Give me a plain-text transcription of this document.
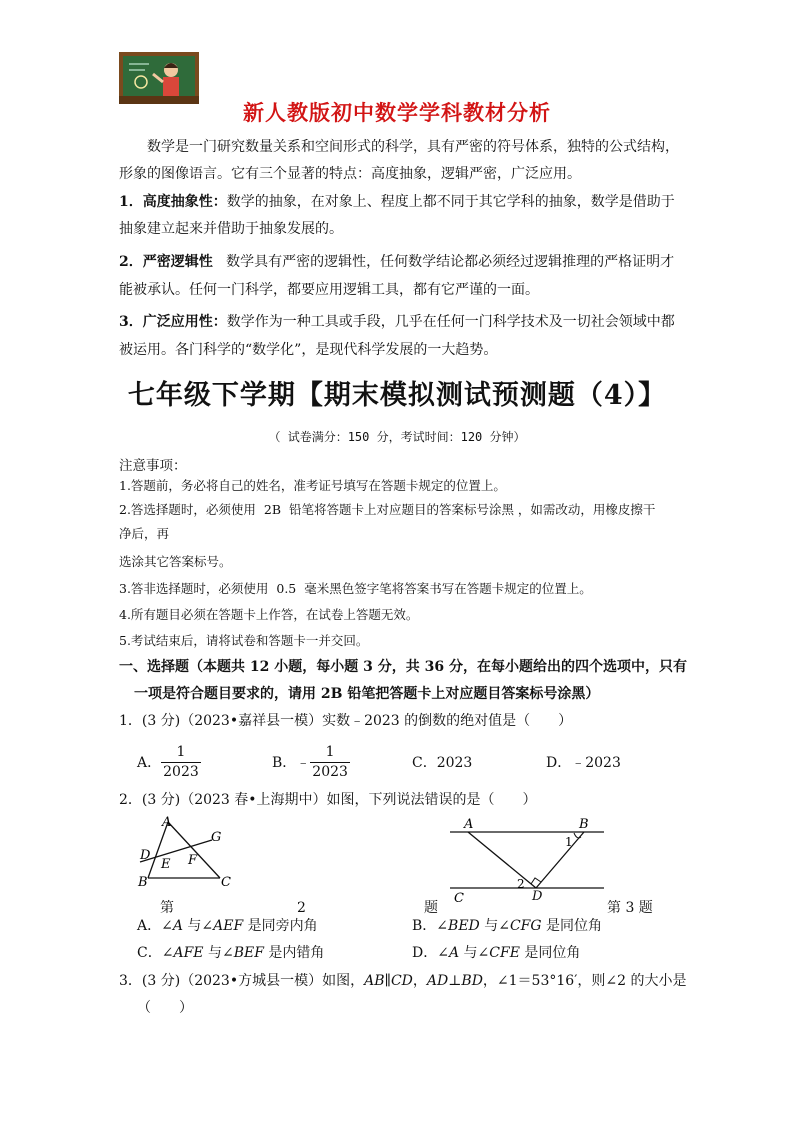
新人教版初中数学学科教材分析
数学是一门研究数量关系和空间形式的科学，具有严密的符号体系，独特的公式结构，
形象的图像语言。它有三个显著的特点：高度抽象，逻辑严密，广泛应用。
1．高度抽象性：数学的抽象，在对象上、程度上都不同于其它学科的抽象，数学是借助于
抽象建立起来并借助于抽象发展的。
2．严密逻辑性   数学具有严密的逻辑性，任何数学结论都必须经过逻辑推理的严格证明才
能被承认。任何一门科学，都要应用逻辑工具，都有它严谨的一面。
3．广泛应用性：数学作为一种工具或手段，几乎在任何一门科学技术及一切社会领域中都
被运用。各门科学的“数学化”，是现代科学发展的一大趋势。
七年级下学期【期末模拟测试预测题（4）】
（ 试卷满分：150 分，考试时间：120 分钟）
注意事项：
1.答题前，务必将自己的姓名，准考证号填写在答题卡规定的位置上。
2.答选择题时，必须使用  2B  铅笔将答题卡上对应题目的答案标号涂黑 ，如需改动，用橡皮擦干
净后，再
选涂其它答案标号。
3.答非选择题时，必须使用  0.5  毫米黑色签字笔将答案书写在答题卡规定的位置上。
4.所有题目必须在答题卡上作答，在试卷上答题无效。
5.考试结束后，请将试卷和答题卡一并交回。
一、选择题（本题共 12 小题，每小题 3 分，共 36 分，在每小题给出的四个选项中，只有
一项是符合题目要求的，请用 2B 铅笔把答题卡上对应题目答案标号涂黑）
1．(3 分)（2023•嘉祥县一模）实数﹣2023 的倒数的绝对值是（　　）
A． $\frac{1}{2023}$	B．﹣ $\frac{1}{2023}$	C．2023	D．﹣2023
2．(3 分)（2023 春•上海期中）如图，下列说法错误的是（　　）
A
G
D
E F
B	C
A	B
1
2
C	D
第	2	题	第 3 题
A．∠A 与∠AEF 是同旁内角	B．∠BED 与∠CFG 是同位角
C．∠AFE 与∠BEF 是内错角	D．∠A 与∠CFE 是同位角
3．(3 分)（2023•方城县一模）如图，AB∥CD，AD⊥BD，∠1＝53°16′，则∠2 的大小是
（　　）
